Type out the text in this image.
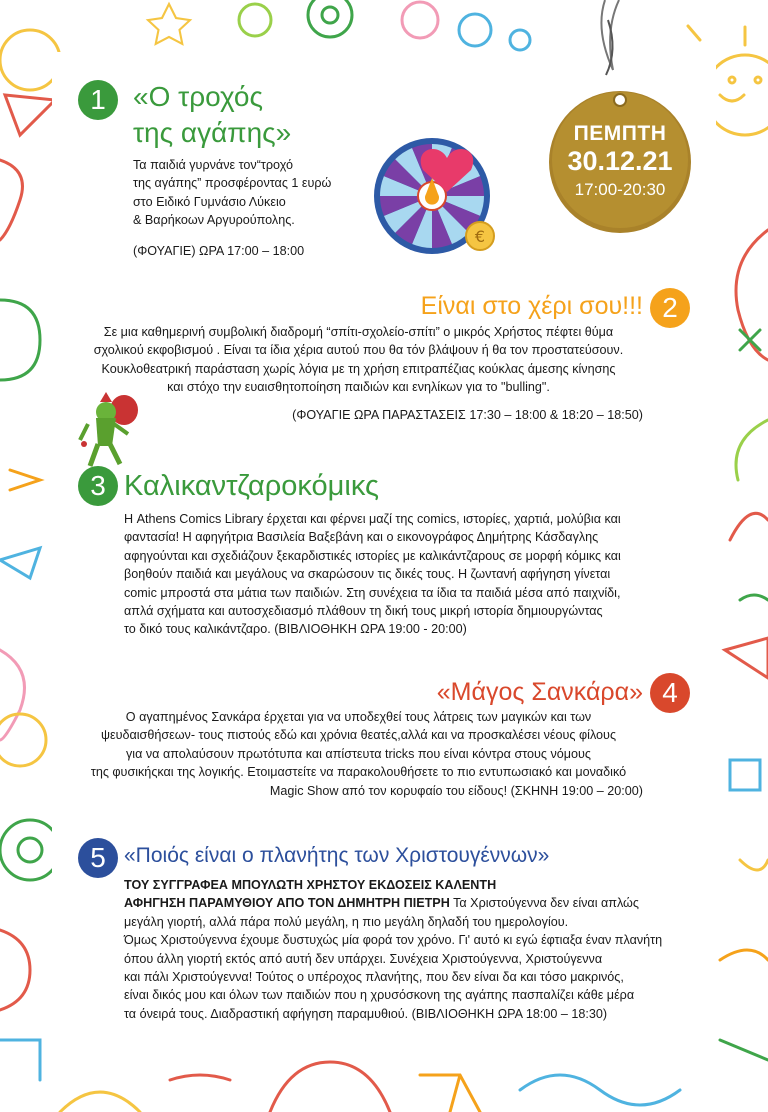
ΠΕΜΠΤΗ
30.12.21
17:00-20:30
€
1 «Ο τροχός
της αγάπης»
Τα παιδιά γυρνάνε τον“τροχό
της αγάπης” προσφέροντας 1 ευρώ
στο Ειδικό Γυμνάσιο Λύκειο
& Βαρήκοων Αργυρούπολης.
(ΦΟΥΑΓΙΕ) ΩΡΑ 17:00 – 18:00
Είναι στο χέρι σου!!! 2
Σε μια καθημερινή συμβολική διαδρομή “σπίτι-σχολείο-σπίτι” ο μικρός Χρήστος πέφτει θύμα
σχολικού εκφοβισμού . Είναι τα ίδια χέρια αυτού που θα τόν βλάψουν ή θα τον προστατεύσουν.
Κουκλοθεατρική παράσταση χωρίς λόγια με τη χρήση επιτραπέζιας κούκλας άμεσης κίνησης
και στόχο την ευαισθητοποίηση παιδιών και ενηλίκων για το "bulling".
(ΦΟΥΑΓΙΕ ΩΡΑ ΠΑΡΑΣΤΑΣΕΙΣ 17:30 – 18:00 & 18:20 – 18:50)
3 Καλικαντζαροκόμικς
Η Athens Comics Library έρχεται και φέρνει μαζί της comics, ιστορίες, χαρτιά, μολύβια και
φαντασία! Η αφηγήτρια Βασιλεία Βαξεβάνη και ο εικονογράφος Δημήτρης Κάσδαγλης
αφηγούνται και σχεδιάζουν ξεκαρδιστικές ιστορίες με καλικάντζαρους σε μορφή κόμικς και
βοηθούν παιδιά και μεγάλους να σκαρώσουν τις δικές τους. Η ζωντανή αφήγηση γίνεται
comic μπροστά στα μάτια των παιδιών. Στη συνέχεια τα ίδια τα παιδιά μέσα από παιχνίδι,
απλά σχήματα και αυτοσχεδιασμό πλάθουν τη δική τους μικρή ιστορία δημιουργώντας
το δικό τους καλικάντζαρο. (ΒΙΒΛΙΟΘΗΚΗ ΩΡΑ 19:00 - 20:00)
«Μάγος Σανκάρα» 4
Ο αγαπημένος Σανκάρα έρχεται για να υποδεχθεί τους λάτρεις των μαγικών και των
ψευδαισθήσεων- τους πιστούς εδώ και χρόνια θεατές,αλλά και να προσκαλέσει νέους φίλους
για να απολαύσουν πρωτότυπα και απίστευτα tricks που είναι κόντρα στους νόμους
της φυσικήςκαι της λογικής. Ετοιμαστείτε να παρακολουθήσετε το πιο εντυπωσιακό και μοναδικό
Magic Show από τον κορυφαίο του είδους! (ΣΚΗΝΗ 19:00 – 20:00)
5 «Ποιός είναι ο πλανήτης των Χριστουγέννων»
ΤΟΥ ΣΥΓΓΡΑΦΕΑ ΜΠΟΥΛΩΤΗ ΧΡΗΣΤΟΥ ΕΚΔΟΣΕΙΣ ΚΑΛΕΝΤΗ
ΑΦΗΓΗΣΗ ΠΑΡΑΜΥΘΙΟΥ ΑΠΟ ΤΟΝ ΔΗΜΗΤΡΗ ΠΙΕΤΡΗ Τα Χριστούγεννα δεν είναι απλώς
μεγάλη γιορτή, αλλά πάρα πολύ μεγάλη, η πιο μεγάλη δηλαδή του ημερολογίου.
Όμως Χριστούγεννα έχουμε δυστυχώς μία φορά τον χρόνο. Γι' αυτό κι εγώ έφτιαξα έναν πλανήτη
όπου άλλη γιορτή εκτός από αυτή δεν υπάρχει. Συνέχεια Χριστούγεννα, Χριστούγεννα
και πάλι Χριστούγεννα! Τούτος ο υπέροχος πλανήτης, που δεν είναι δα και τόσο μακρινός,
είναι δικός μου και όλων των παιδιών που η χρυσόσκονη της αγάπης πασπαλίζει κάθε μέρα
τα όνειρά τους. Διαδραστική αφήγηση παραμυθιού. (ΒΙΒΛΙΟΘΗΚΗ ΩΡΑ 18:00 – 18:30)
